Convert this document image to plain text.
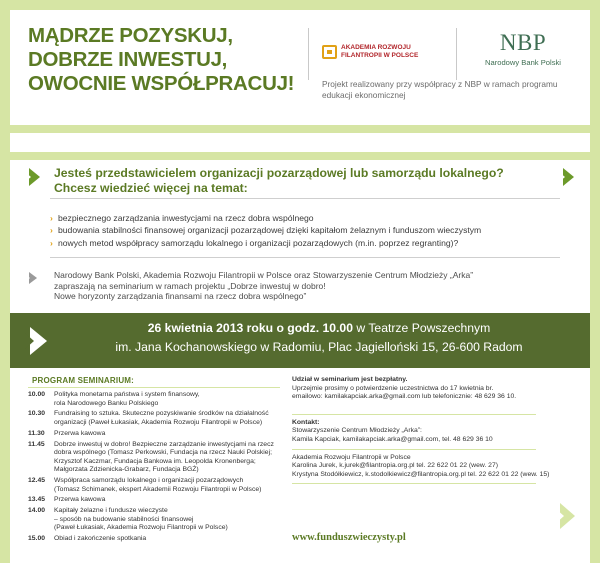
MĄDRZE POZYSKUJ,
DOBRZE INWESTUJ,
OWOCNIE WSPÓŁPRACUJ!
AKADEMIA ROZWOJU
FILANTROPII W POLSCE
NBP
Narodowy Bank Polski
Projekt realizowany przy współpracy z NBP w ramach programu edukacji ekonomicznej
Jesteś przedstawicielem organizacji pozarządowej lub samorządu lokalnego?
Chcesz wiedzieć więcej na temat:
› bezpiecznego zarządzania inwestycjami na rzecz dobra wspólnego
› budowania stabilności finansowej organizacji pozarządowej dzięki kapitałom żelaznym i funduszom wieczystym
› nowych metod współpracy samorządu lokalnego i organizacji pozarządowych (m.in. poprzez regranting)?
Narodowy Bank Polski, Akademia Rozwoju Filantropii w Polsce oraz Stowarzyszenie Centrum Młodzieży „Arka”
zapraszają na seminarium w ramach projektu „Dobrze inwestuj w dobro!
Nowe horyzonty zarządzania finansami na rzecz dobra wspólnego”
26 kwietnia 2013 roku o godz. 10.00 w Teatrze Powszechnym
im. Jana Kochanowskiego w Radomiu, Plac Jagielloński 15, 26-600 Radom
PROGRAM SEMINARIUM:
10.00	Polityka monetarna państwa i system finansowy,
rola Narodowego Banku Polskiego
10.30	Fundraising to sztuka. Skuteczne pozyskiwanie środków na działalność
organizacji (Paweł Łukasiak, Akademia Rozwoju Filantropii w Polsce)
11.30	Przerwa kawowa
11.45	Dobrze inwestuj w dobro! Bezpieczne zarządzanie inwestycjami na rzecz
dobra wspólnego (Tomasz Perkowski, Fundacja na rzecz Nauki Polskiej;
Krzysztof Kaczmar, Fundacja Bankowa im. Leopolda Kronenberga;
Małgorzata Zdzienicka-Grabarz, Fundacja BGŻ)
12.45	Współpraca samorządu lokalnego i organizacji pozarządowych
(Tomasz Schimanek, ekspert Akademii Rozwoju Filantropii w Polsce)
13.45	Przerwa kawowa
14.00	Kapitały żelazne i fundusze wieczyste
– sposób na budowanie stabilności finansowej
(Paweł Łukasiak, Akademia Rozwoju Filantropii w Polsce)
15.00	Obiad i zakończenie spotkania
Udział w seminarium jest bezpłatny.
Uprzejmie prosimy o potwierdzenie uczestnictwa do 17 kwietnia br.
emailowo: kamilakapciak.arka@gmail.com lub telefonicznie: 48 629 36 10.
Kontakt:
Stowarzyszenie Centrum Młodzieży „Arka”:
Kamila Kapciak, kamilakapciak.arka@gmail.com, tel. 48 629 36 10
Akademia Rozwoju Filantropii w Polsce
Karolina Jurek, k.jurek@filantropia.org.pl tel. 22 622 01 22 (wew. 27)
Krystyna Stodółkiewicz, k.stodolkiewicz@filantropia.org.pl tel. 22 622 01 22 (wew. 15)
www.funduszwieczysty.pl
